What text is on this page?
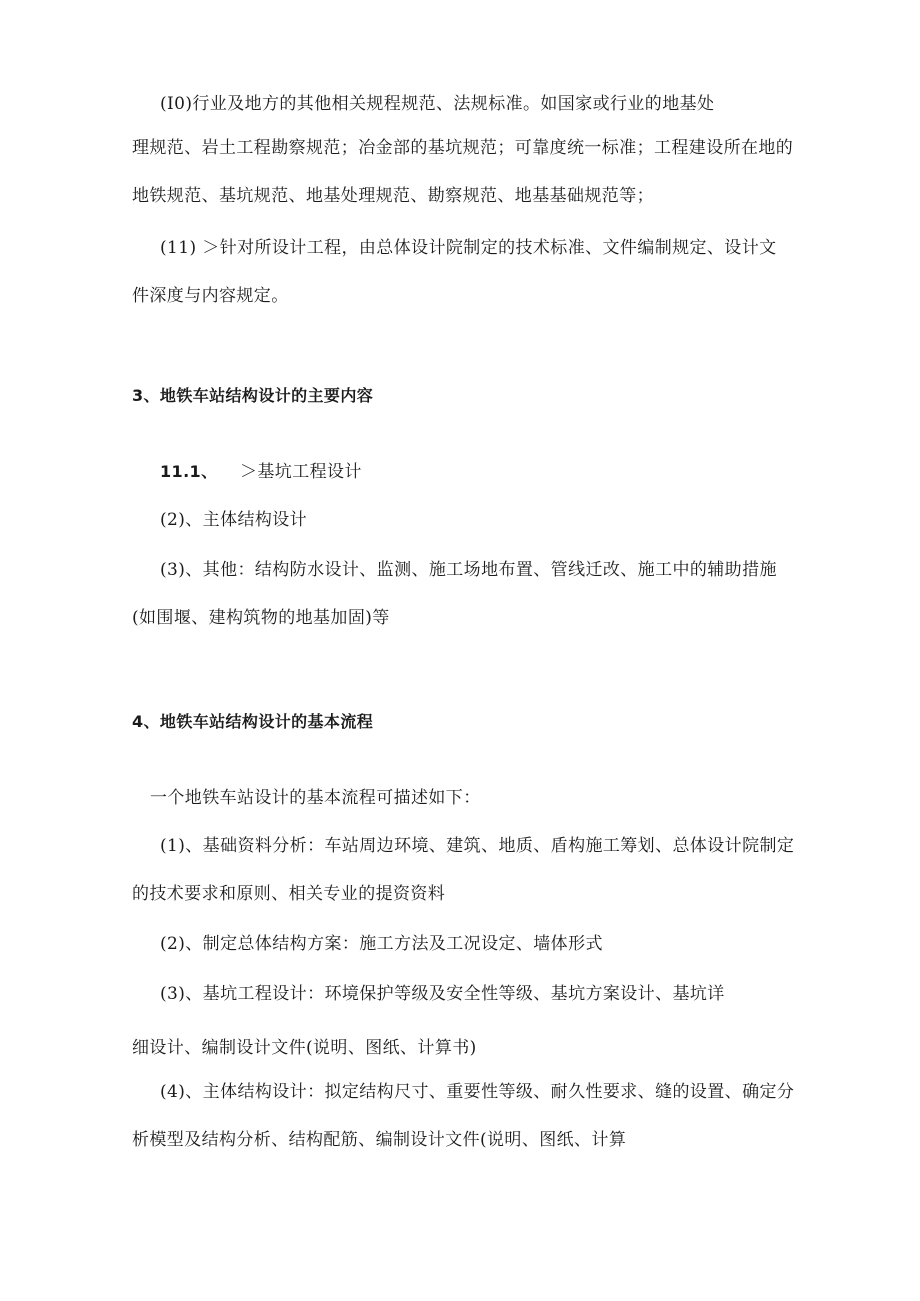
(I0)行业及地方的其他相关规程规范、法规标准。如国家或行业的地基处
理规范、岩土工程勘察规范；冶金部的基坑规范；可靠度统一标准；工程建设所在地的
地铁规范、基坑规范、地基处理规范、勘察规范、地基基础规范等；
(11) ＞针对所设计工程，由总体设计院制定的技术标准、文件编制规定、设计文
件深度与内容规定。
3、地铁车站结构设计的主要内容
11.1、 ＞基坑工程设计
(2)、主体结构设计
(3)、其他：结构防水设计、监测、施工场地布置、管线迁改、施工中的辅助措施
(如围堰、建构筑物的地基加固)等
4、地铁车站结构设计的基本流程
一个地铁车站设计的基本流程可描述如下：
(1)、基础资料分析：车站周边环境、建筑、地质、盾构施工筹划、总体设计院制定
的技术要求和原则、相关专业的提资资料
(2)、制定总体结构方案：施工方法及工况设定、墙体形式
(3)、基坑工程设计：环境保护等级及安全性等级、基坑方案设计、基坑详
细设计、编制设计文件(说明、图纸、计算书)
(4)、主体结构设计：拟定结构尺寸、重要性等级、耐久性要求、缝的设置、确定分
析模型及结构分析、结构配筋、编制设计文件(说明、图纸、计算
